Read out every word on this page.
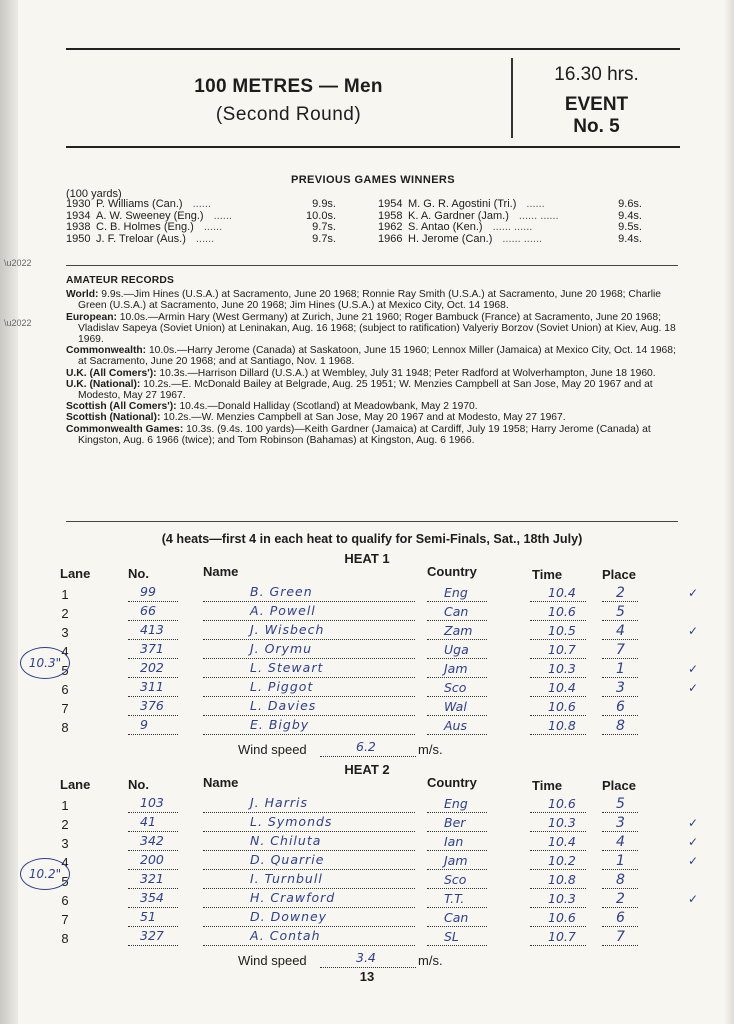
\u2022
\u2022
100 METRES — Men
(Second Round)
16.30 hrs.
EVENT
No. 5
PREVIOUS GAMES WINNERS
(100 yards)
1930 P. Williams (Can.) ......	9.9s.
1934 A. W. Sweeney (Eng.) ......	10.0s.
1938 C. B. Holmes (Eng.) ......	9.7s.
1950 J. F. Treloar (Aus.) ......	9.7s.
1954 M. G. R. Agostini (Tri.) ......	9.6s.
1958 K. A. Gardner (Jam.) ...... ......	9.4s.
1962 S. Antao (Ken.) ...... ......	9.5s.
1966 H. Jerome (Can.) ...... ......	9.4s.
AMATEUR RECORDS

World: 9.9s.—Jim Hines (U.S.A.) at Sacramento, June 20 1968; Ronnie Ray Smith (U.S.A.) at Sacramento, June 20 1968; Charlie Green (U.S.A.) at Sacramento, June 20 1968; Jim Hines (U.S.A.) at Mexico City, Oct. 14 1968.

European: 10.0s.—Armin Hary (West Germany) at Zurich, June 21 1960; Roger Bambuck (France) at Sacramento, June 20 1968; Vladislav Sapeya (Soviet Union) at Leninakan, Aug. 16 1968; (subject to ratification) Valyeriy Borzov (Soviet Union) at Kiev, Aug. 18 1969.

Commonwealth: 10.0s.—Harry Jerome (Canada) at Saskatoon, June 15 1960; Lennox Miller (Jamaica) at Mexico City, Oct. 14 1968; at Sacramento, June 20 1968; and at Santiago, Nov. 1 1968.

U.K. (All Comers'): 10.3s.—Harrison Dillard (U.S.A.) at Wembley, July 31 1948; Peter Radford at Wolverhampton, June 18 1960.

U.K. (National): 10.2s.—E. McDonald Bailey at Belgrade, Aug. 25 1951; W. Menzies Campbell at San Jose, May 20 1967 and at Modesto, May 27 1967.

Scottish (All Comers'): 10.4s.—Donald Halliday (Scotland) at Meadowbank, May 2 1970.

Scottish (National): 10.2s.—W. Menzies Campbell at San Jose, May 20 1967 and at Modesto, May 27 1967.

Commonwealth Games: 10.3s. (9.4s. 100 yards)—Keith Gardner (Jamaica) at Cardiff, July 19 1958; Harry Jerome (Canada) at Kingston, Aug. 6 1966 (twice); and Tom Robinson (Bahamas) at Kingston, Aug. 6 1966.

(4 heats—first 4 in each heat to qualify for Semi-Finals, Sat., 18th July)
HEAT 1
Lane	No.	Name	Country	Time	Place
1	99	B. Green	Eng	10.4	2	✓
2	66	A. Powell	Can	10.6	5
3	413	J. Wisbech	Zam	10.5	4	✓
4	371	J. Orymu	Uga	10.7	7
5	202	L. Stewart	Jam	10.3	1	✓
6	311	L. Piggot	Sco	10.4	3	✓
7	376	L. Davies	Wal	10.6	6
8	9	E. Bigby	Aus	10.8	8
Wind speed	6.2	m/s.
10.3"
HEAT 2
Lane	No.	Name	Country	Time	Place
1	103	J. Harris	Eng	10.6	5
2	41	L. Symonds	Ber	10.3	3	✓
3	342	N. Chiluta	Ian	10.4	4	✓
4	200	D. Quarrie	Jam	10.2	1	✓
5	321	I. Turnbull	Sco	10.8	8
6	354	H. Crawford	T.T.	10.3	2	✓
7	51	D. Downey	Can	10.6	6
8	327	A. Contah	SL	10.7	7
Wind speed	3.4	m/s.
10.2"
13
